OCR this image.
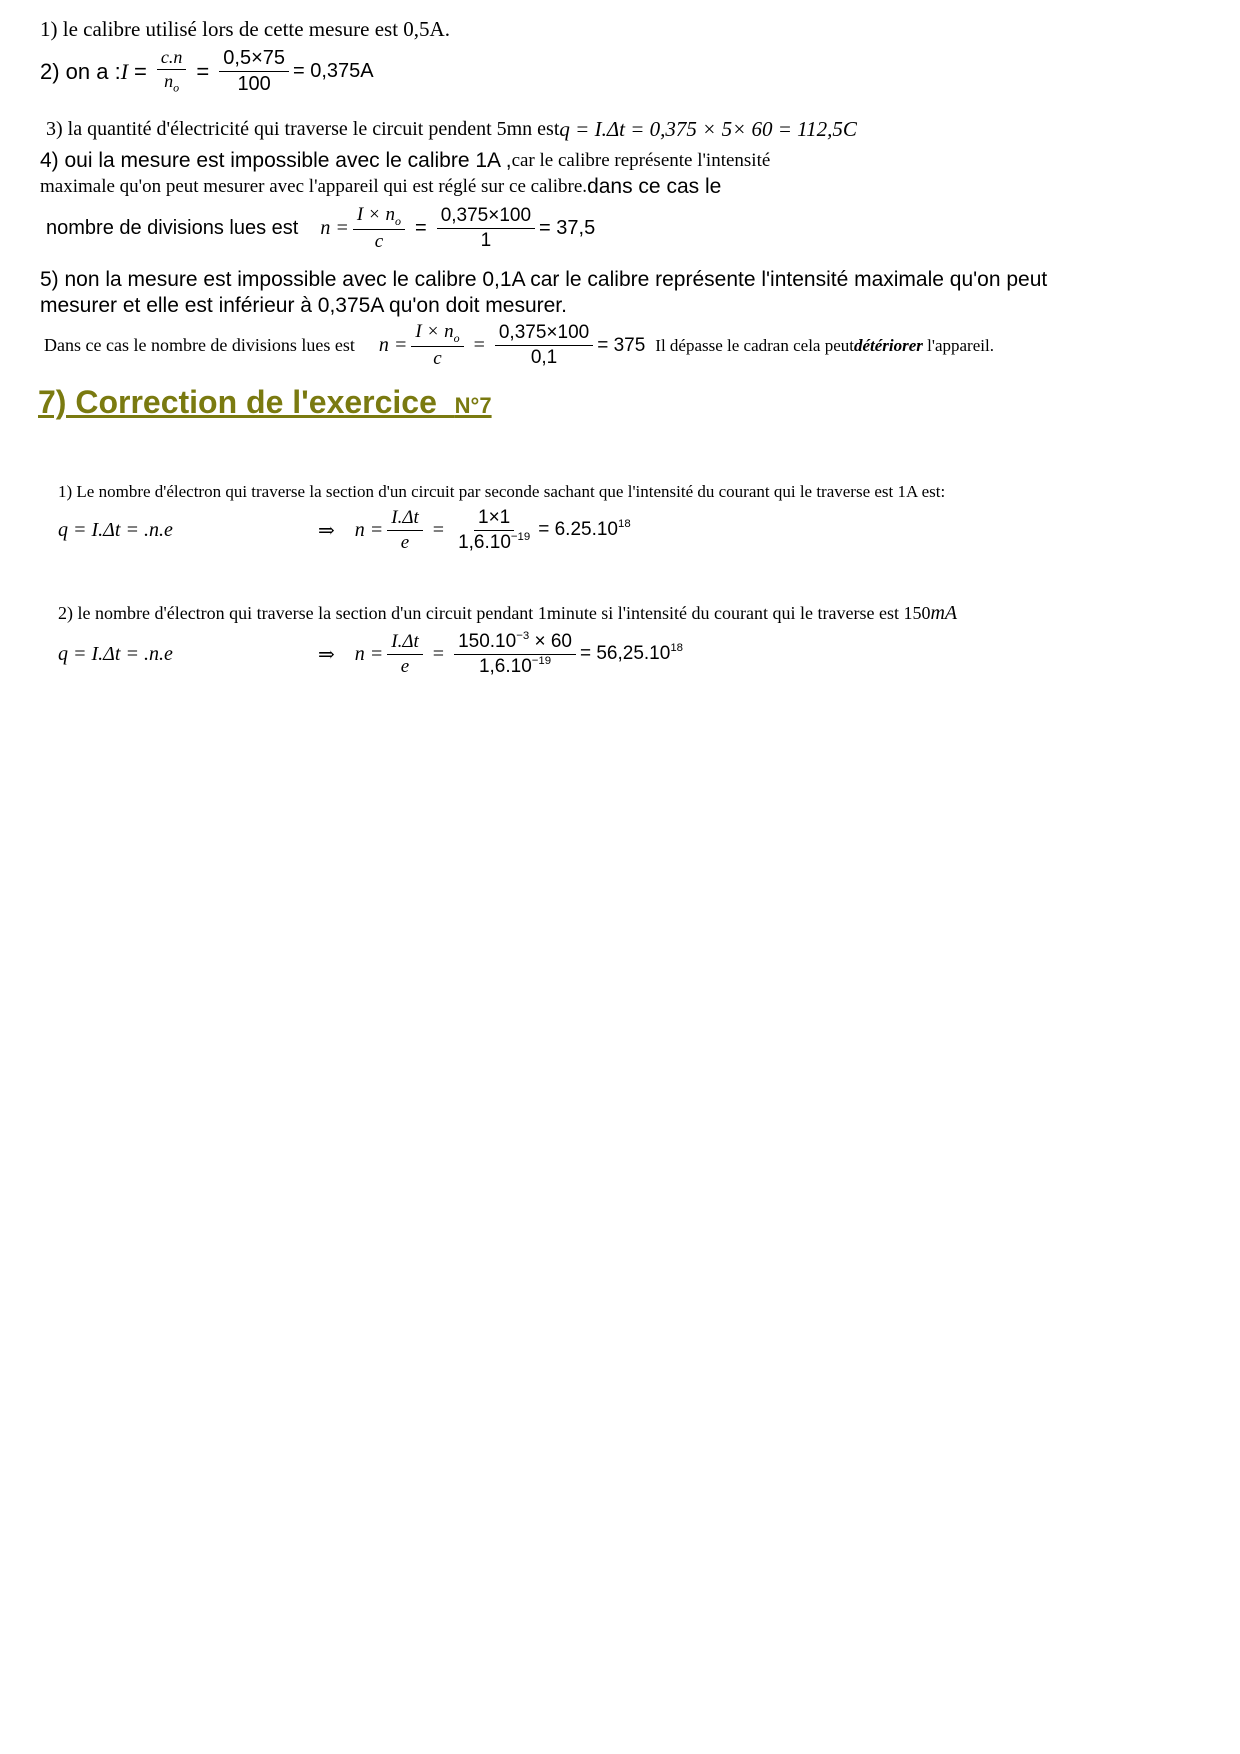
1) le calibre utilisé lors de cette mesure est 0,5A.
2) on a : $I = \frac{c.n}{n_o} = \frac{0,5\times 75}{100} = 0,375A$
3) la quantité d'électricité qui traverse le circuit pendent 5mn est q = I.Δt = 0,375 × 5× 60 = 112,5C
4) oui la mesure est impossible avec le calibre 1A , car le calibre représente l'intensité
maximale qu'on peut mesurer avec l'appareil qui est réglé sur ce calibre. dans ce cas le
nombre de divisions lues est $n = \frac{I \times n_o}{c} = \frac{0,375\times 100}{1} = 37,5$
5) non la mesure est impossible avec le calibre 0,1A car le calibre représente l'intensité maximale qu'on peut
mesurer et elle est inférieur à 0,375A qu'on doit mesurer.
Dans ce cas le nombre de divisions lues est $n = \frac{I \times n_o}{c} = \frac{0,375\times 100}{0,1} = 375$ Il dépasse le cadran cela peut détériorer l'appareil.
7) Correction de l'exercice  N°7
1) Le nombre d'électron qui traverse la section d'un circuit par seconde sachant que l'intensité du courant qui le traverse est 1A est:
q = I.Δt = .n.e	⇒ $n = \frac{I.\Delta t}{e} = \frac{1\times 1}{1,6.10^{-19}} = 6.25.10^{18}$
2) le nombre d'électron qui traverse la section d'un circuit pendant 1minute si l'intensité du courant qui le traverse est 150 mA
q = I.Δt = .n.e	⇒ $n = \frac{I.\Delta t}{e} = \frac{150.10^{-3} \times 60}{1,6.10^{-19}} = 56,25.10^{18}$
